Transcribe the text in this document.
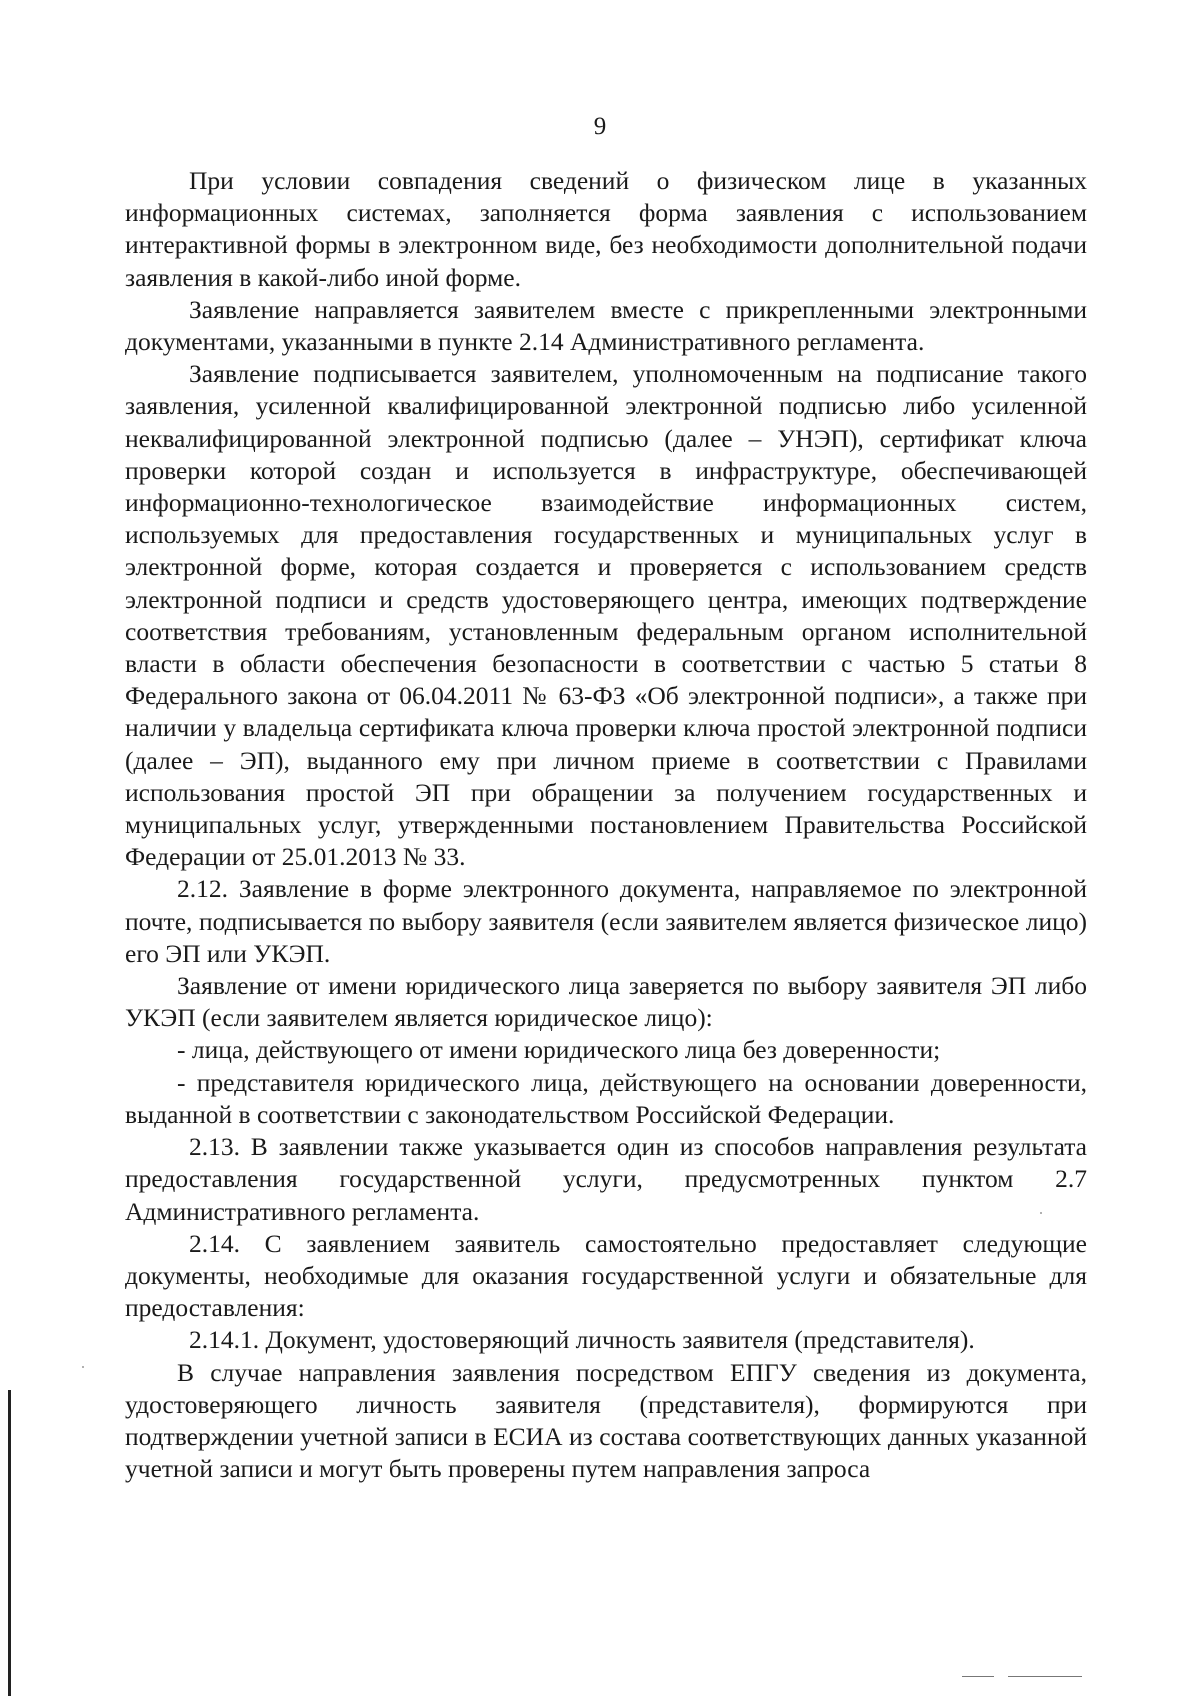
9

При условии совпадения сведений о физическом лице в указанных информационных системах, заполняется форма заявления с использованием интерактивной формы в электронном виде, без необходимости дополнительной подачи заявления в какой-либо иной форме.

Заявление направляется заявителем вместе с прикрепленными электронными документами, указанными в пункте 2.14 Административного регламента.

Заявление подписывается заявителем, уполномоченным на подписание такого заявления, усиленной квалифицированной электронной подписью либо усиленной неквалифицированной электронной подписью (далее – УНЭП), сертификат ключа проверки которой создан и используется в инфраструктуре, обеспечивающей информационно-технологическое взаимодействие информационных систем, используемых для предоставления государственных и муниципальных услуг в электронной форме, которая создается и проверяется с использованием средств электронной подписи и средств удостоверяющего центра, имеющих подтверждение соответствия требованиям, установленным федеральным органом исполнительной власти в области обеспечения безопасности в соответствии с частью 5 статьи 8 Федерального закона от 06.04.2011 № 63-ФЗ «Об электронной подписи», а также при наличии у владельца сертификата ключа проверки ключа простой электронной подписи (далее – ЭП), выданного ему при личном приеме в соответствии с Правилами использования простой ЭП при обращении за получением государственных и муниципальных услуг, утвержденными постановлением Правительства Российской Федерации от 25.01.2013 № 33.

2.12. Заявление в форме электронного документа, направляемое по электронной почте, подписывается по выбору заявителя (если заявителем является физическое лицо) его ЭП или УКЭП.

Заявление от имени юридического лица заверяется по выбору заявителя ЭП либо УКЭП (если заявителем является юридическое лицо):

- лица, действующего от имени юридического лица без доверенности;

- представителя юридического лица, действующего на основании доверенности, выданной в соответствии с законодательством Российской Федерации.

2.13. В заявлении также указывается один из способов направления результата предоставления государственной услуги, предусмотренных пунктом 2.7 Административного регламента.

2.14. С заявлением заявитель самостоятельно предоставляет следующие документы, необходимые для оказания государственной услуги и обязательные для предоставления:

2.14.1. Документ, удостоверяющий личность заявителя (представителя).

В случае направления заявления посредством ЕПГУ сведения из документа, удостоверяющего личность заявителя (представителя), формируются при подтверждении учетной записи в ЕСИА из состава соответствующих данных указанной учетной записи и могут быть проверены путем направления запроса
